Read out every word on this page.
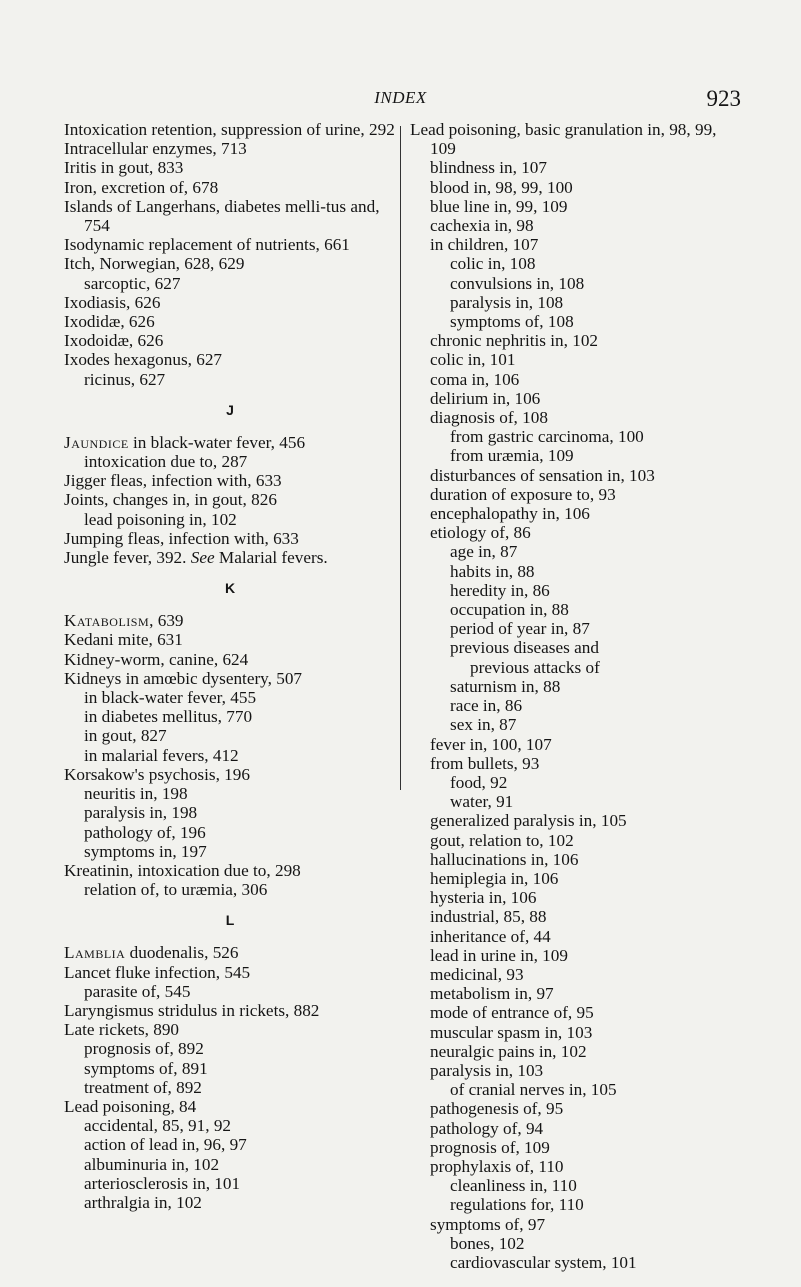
INDEX	923

Intoxication retention, suppression of urine, 292

Intracellular enzymes, 713

Iritis in gout, 833

Iron, excretion of, 678

Islands of Langerhans, diabetes melli-tus and, 754

Isodynamic replacement of nutrients, 661

Itch, Norwegian, 628, 629

sarcoptic, 627

Ixodiasis, 626

Ixodidæ, 626

Ixodoidæ, 626

Ixodes hexagonus, 627

ricinus, 627

J

Jaundice in black-water fever, 456

intoxication due to, 287

Jigger fleas, infection with, 633

Joints, changes in, in gout, 826

lead poisoning in, 102

Jumping fleas, infection with, 633

Jungle fever, 392. See Malarial fevers.

K

Katabolism, 639

Kedani mite, 631

Kidney-worm, canine, 624

Kidneys in amœbic dysentery, 507

in black-water fever, 455

in diabetes mellitus, 770

in gout, 827

in malarial fevers, 412

Korsakow's psychosis, 196

neuritis in, 198

paralysis in, 198

pathology of, 196

symptoms in, 197

Kreatinin, intoxication due to, 298

relation of, to uræmia, 306

L

Lamblia duodenalis, 526

Lancet fluke infection, 545

parasite of, 545

Laryngismus stridulus in rickets, 882

Late rickets, 890

prognosis of, 892

symptoms of, 891

treatment of, 892

Lead poisoning, 84

accidental, 85, 91, 92

action of lead in, 96, 97

albuminuria in, 102

arteriosclerosis in, 101

arthralgia in, 102

Lead poisoning, basic granulation in, 98, 99, 109

blindness in, 107

blood in, 98, 99, 100

blue line in, 99, 109

cachexia in, 98

in children, 107

colic in, 108

convulsions in, 108

paralysis in, 108

symptoms of, 108

chronic nephritis in, 102

colic in, 101

coma in, 106

delirium in, 106

diagnosis of, 108

from gastric carcinoma, 100

from uræmia, 109

disturbances of sensation in, 103

duration of exposure to, 93

encephalopathy in, 106

etiology of, 86

age in, 87

habits in, 88

heredity in, 86

occupation in, 88

period of year in, 87

previous diseases and

previous attacks of

saturnism in, 88

race in, 86

sex in, 87

fever in, 100, 107

from bullets, 93

food, 92

water, 91

generalized paralysis in, 105

gout, relation to, 102

hallucinations in, 106

hemiplegia in, 106

hysteria in, 106

industrial, 85, 88

inheritance of, 44

lead in urine in, 109

medicinal, 93

metabolism in, 97

mode of entrance of, 95

muscular spasm in, 103

neuralgic pains in, 102

paralysis in, 103

of cranial nerves in, 105

pathogenesis of, 95

pathology of, 94

prognosis of, 109

prophylaxis of, 110

cleanliness in, 110

regulations for, 110

symptoms of, 97

bones, 102

cardiovascular system, 101
